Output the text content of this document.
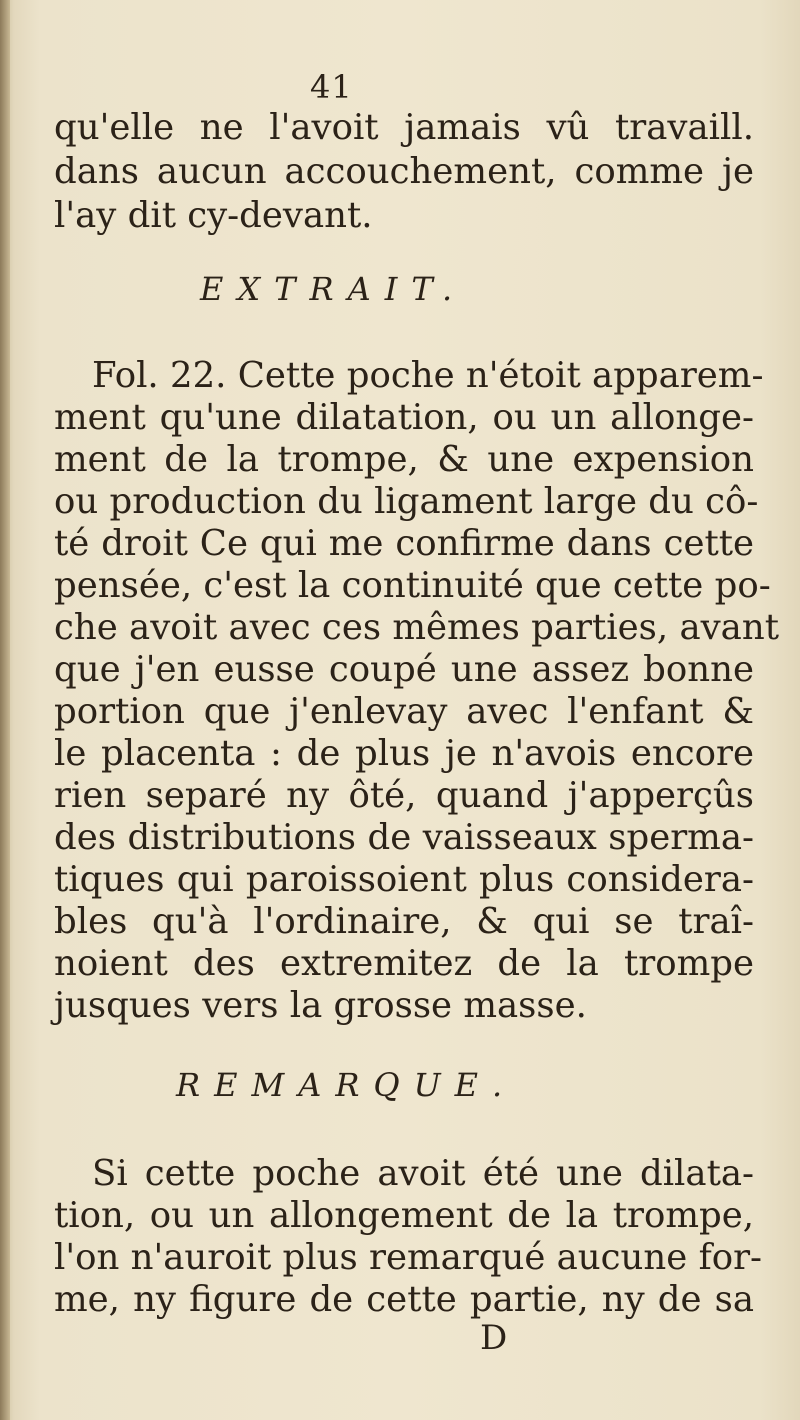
41
qu'elle ne l'avoit jamais vû travaill.
dans aucun accouchement, comme je
l'ay dit cy-devant.
EXTRAIT.
Fol. 22. Cette poche n'étoit apparem-
ment qu'une dilatation, ou un allonge-
ment de la trompe, & une expension
ou production du ligament large du cô-
té droit Ce qui me confirme dans cette
pensée, c'est la continuité que cette po-
che avoit avec ces mêmes parties, avant
que j'en eusse coupé une assez bonne
portion que j'enlevay avec l'enfant &
le placenta : de plus je n'avois encore
rien separé ny ôté, quand j'apperçûs
des distributions de vaisseaux sperma-
tiques qui paroissoient plus considera-
bles qu'à l'ordinaire, & qui se traî-
noient des extremitez de la trompe
jusques vers la grosse masse.
REMARQUE.
Si cette poche avoit été une dilata-
tion, ou un allongement de la trompe,
l'on n'auroit plus remarqué aucune for-
me, ny figure de cette partie, ny de sa
D
